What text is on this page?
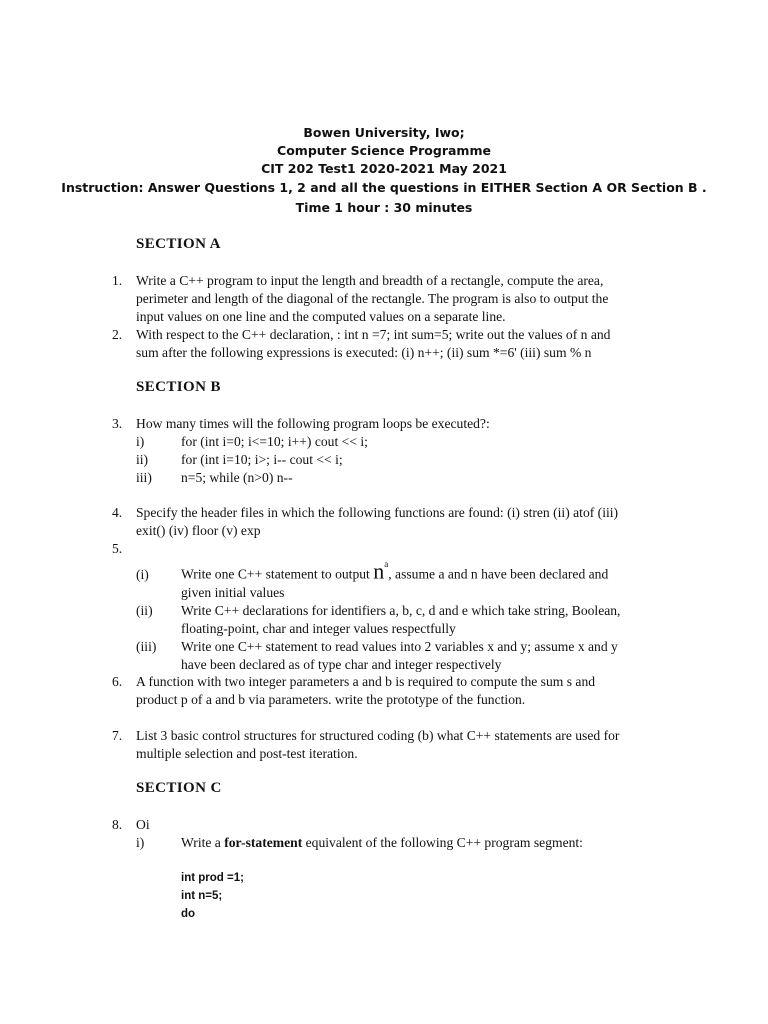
Bowen University, Iwo;
Computer Science Programme
CIT 202 Test1 2020-2021 May 2021
Instruction: Answer Questions 1, 2 and all the questions in EITHER Section A OR Section B .
Time 1 hour : 30 minutes
SECTION A
1. Write a C++ program to input the length and breadth of a rectangle, compute the area,
perimeter and length of the diagonal of the rectangle. The program is also to output the
input values on one line and the computed values on a separate line.
2. With respect to the C++ declaration, : int n =7; int sum=5; write out the values of n and
sum after the following expressions is executed: (i) n++; (ii) sum *=6' (iii) sum % n
SECTION B
3. How many times will the following program loops be executed?:
i)	for (int i=0; i<=10; i++) cout << i;
ii) for (int i=10; i>; i-- cout << i;
iii) n=5; while (n>0) n--
4. Specify the header files in which the following functions are found: (i) stren (ii) atof (iii)
exit() (iv) floor (v) exp
5.
(i) Write one C++ statement to output $n^a$, assume a and n have been declared and
given initial values
(ii) Write C++ declarations for identifiers a, b, c, d and e which take string, Boolean,
floating-point, char and integer values respectfully
(iii) Write one C++ statement to read values into 2 variables x and y; assume x and y
have been declared as of type char and integer respectively
6. A function with two integer parameters a and b is required to compute the sum s and
product p of a and b via parameters. write the prototype of the function.
7. List 3 basic control structures for structured coding (b) what C++ statements are used for
multiple selection and post-test iteration.
SECTION C
8. Oi
i)	Write a for-statement equivalent of the following C++ program segment:
int prod =1;
int n=5;
do
